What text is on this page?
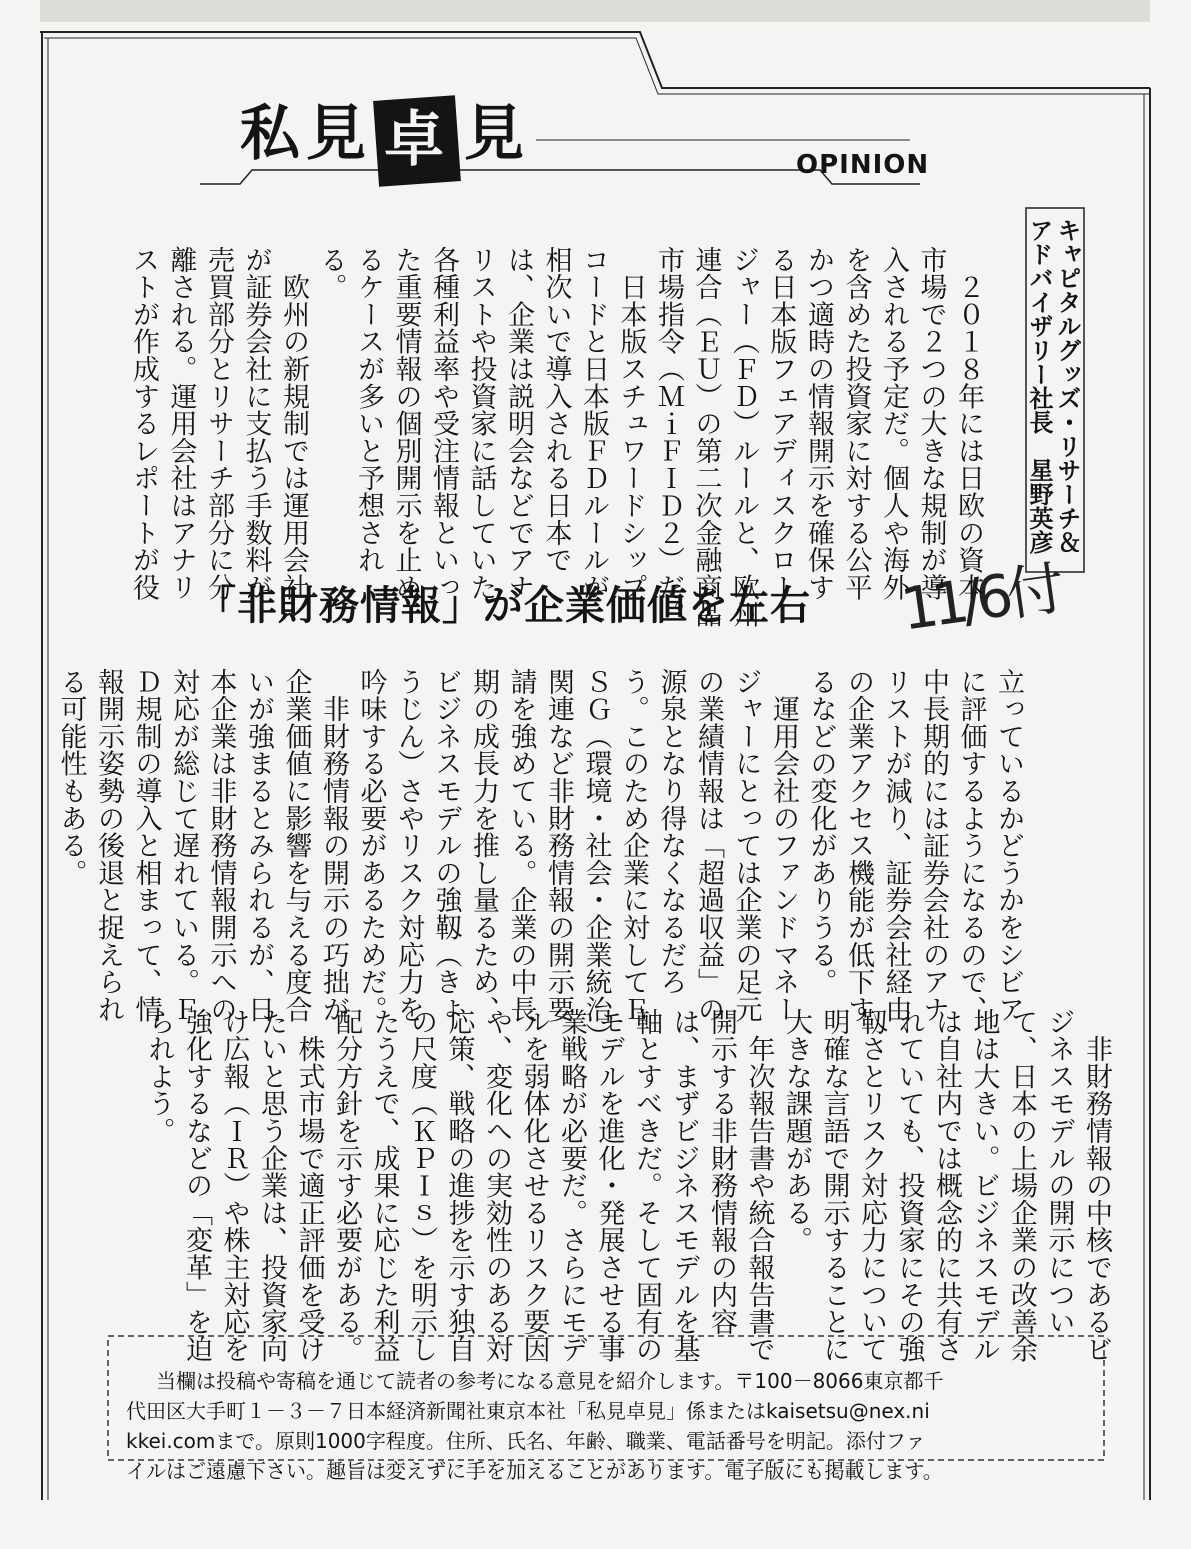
私 見 卓 見	OPINION
キャピタルグッズ・リサーチ＆
アドバイザリー社長　星野英彦
「非財務情報」が企業価値を左右	11/6付
　２０１８年には日欧の資本
市場で２つの大きな規制が導
入される予定だ。個人や海外
を含めた投資家に対する公平
かつ適時の情報開示を確保す
る日本版フェアディスクロー
ジャー（ＦＤ）ルールと、欧州
連合（ＥＵ）の第二次金融商品
市場指令（ＭｉＦＩＤ２）だ。
　日本版スチュワードシップ
コードと日本版ＦＤルールが
相次いで導入される日本で
は、企業は説明会などでアナ
リストや投資家に話していた
各種利益率や受注情報といっ
た重要情報の個別開示を止め
るケースが多いと予想され
る。
　欧州の新規制では運用会社
が証券会社に支払う手数料が
売買部分とリサーチ部分に分
離される。運用会社はアナリ
ストが作成するレポートが役
立っているかどうかをシビア
に評価するようになるので、
中長期的には証券会社のアナ
リストが減り、証券会社経由
の企業アクセス機能が低下す
るなどの変化がありうる。
　運用会社のファンドマネー
ジャーにとっては企業の足元
の業績情報は「超過収益」の
源泉となり得なくなるだろ
う。このため企業に対してＥ
ＳＧ（環境・社会・企業統治）
関連など非財務情報の開示要
請を強めている。企業の中長
期の成長力を推し量るため、
ビジネスモデルの強靱（きょ
うじん）さやリスク対応力を
吟味する必要があるためだ。
　非財務情報の開示の巧拙が
企業価値に影響を与える度合
いが強まるとみられるが、日
本企業は非財務情報開示への
対応が総じて遅れている。Ｆ
Ｄ規制の導入と相まって、情
報開示姿勢の後退と捉えられ
る可能性もある。
　非財務情報の中核であるビ
ジネスモデルの開示につい
て、日本の上場企業の改善余
地は大きい。ビジネスモデル
は自社内では概念的に共有さ
れていても、投資家にその強
靱さとリスク対応力について
明確な言語で開示することに
大きな課題がある。
　年次報告書や統合報告書で
開示する非財務情報の内容
は、まずビジネスモデルを基
軸とすべきだ。そして固有の
モデルを進化・発展させる事
業戦略が必要だ。さらにモデ
ルを弱体化させるリスク要因
や、変化への実効性のある対
応策、戦略の進捗を示す独自
の尺度（ＫＰＩｓ）を明示し
たうえで、成果に応じた利益
配分方針を示す必要がある。
　株式市場で適正評価を受け
たいと思う企業は、投資家向
け広報（ＩＲ）や株主対応を
強化するなどの「変革」を迫
られよう。
当欄は投稿や寄稿を通じて読者の参考になる意見を紹介します。〒100－8066東京都千
代田区大手町１－３－７日本経済新聞社東京本社「私見卓見」係またはkaisetsu@nex.ni
kkei.comまで。原則1000字程度。住所、氏名、年齢、職業、電話番号を明記。添付ファ
イルはご遠慮下さい。趣旨は変えずに手を加えることがあります。電子版にも掲載します。
